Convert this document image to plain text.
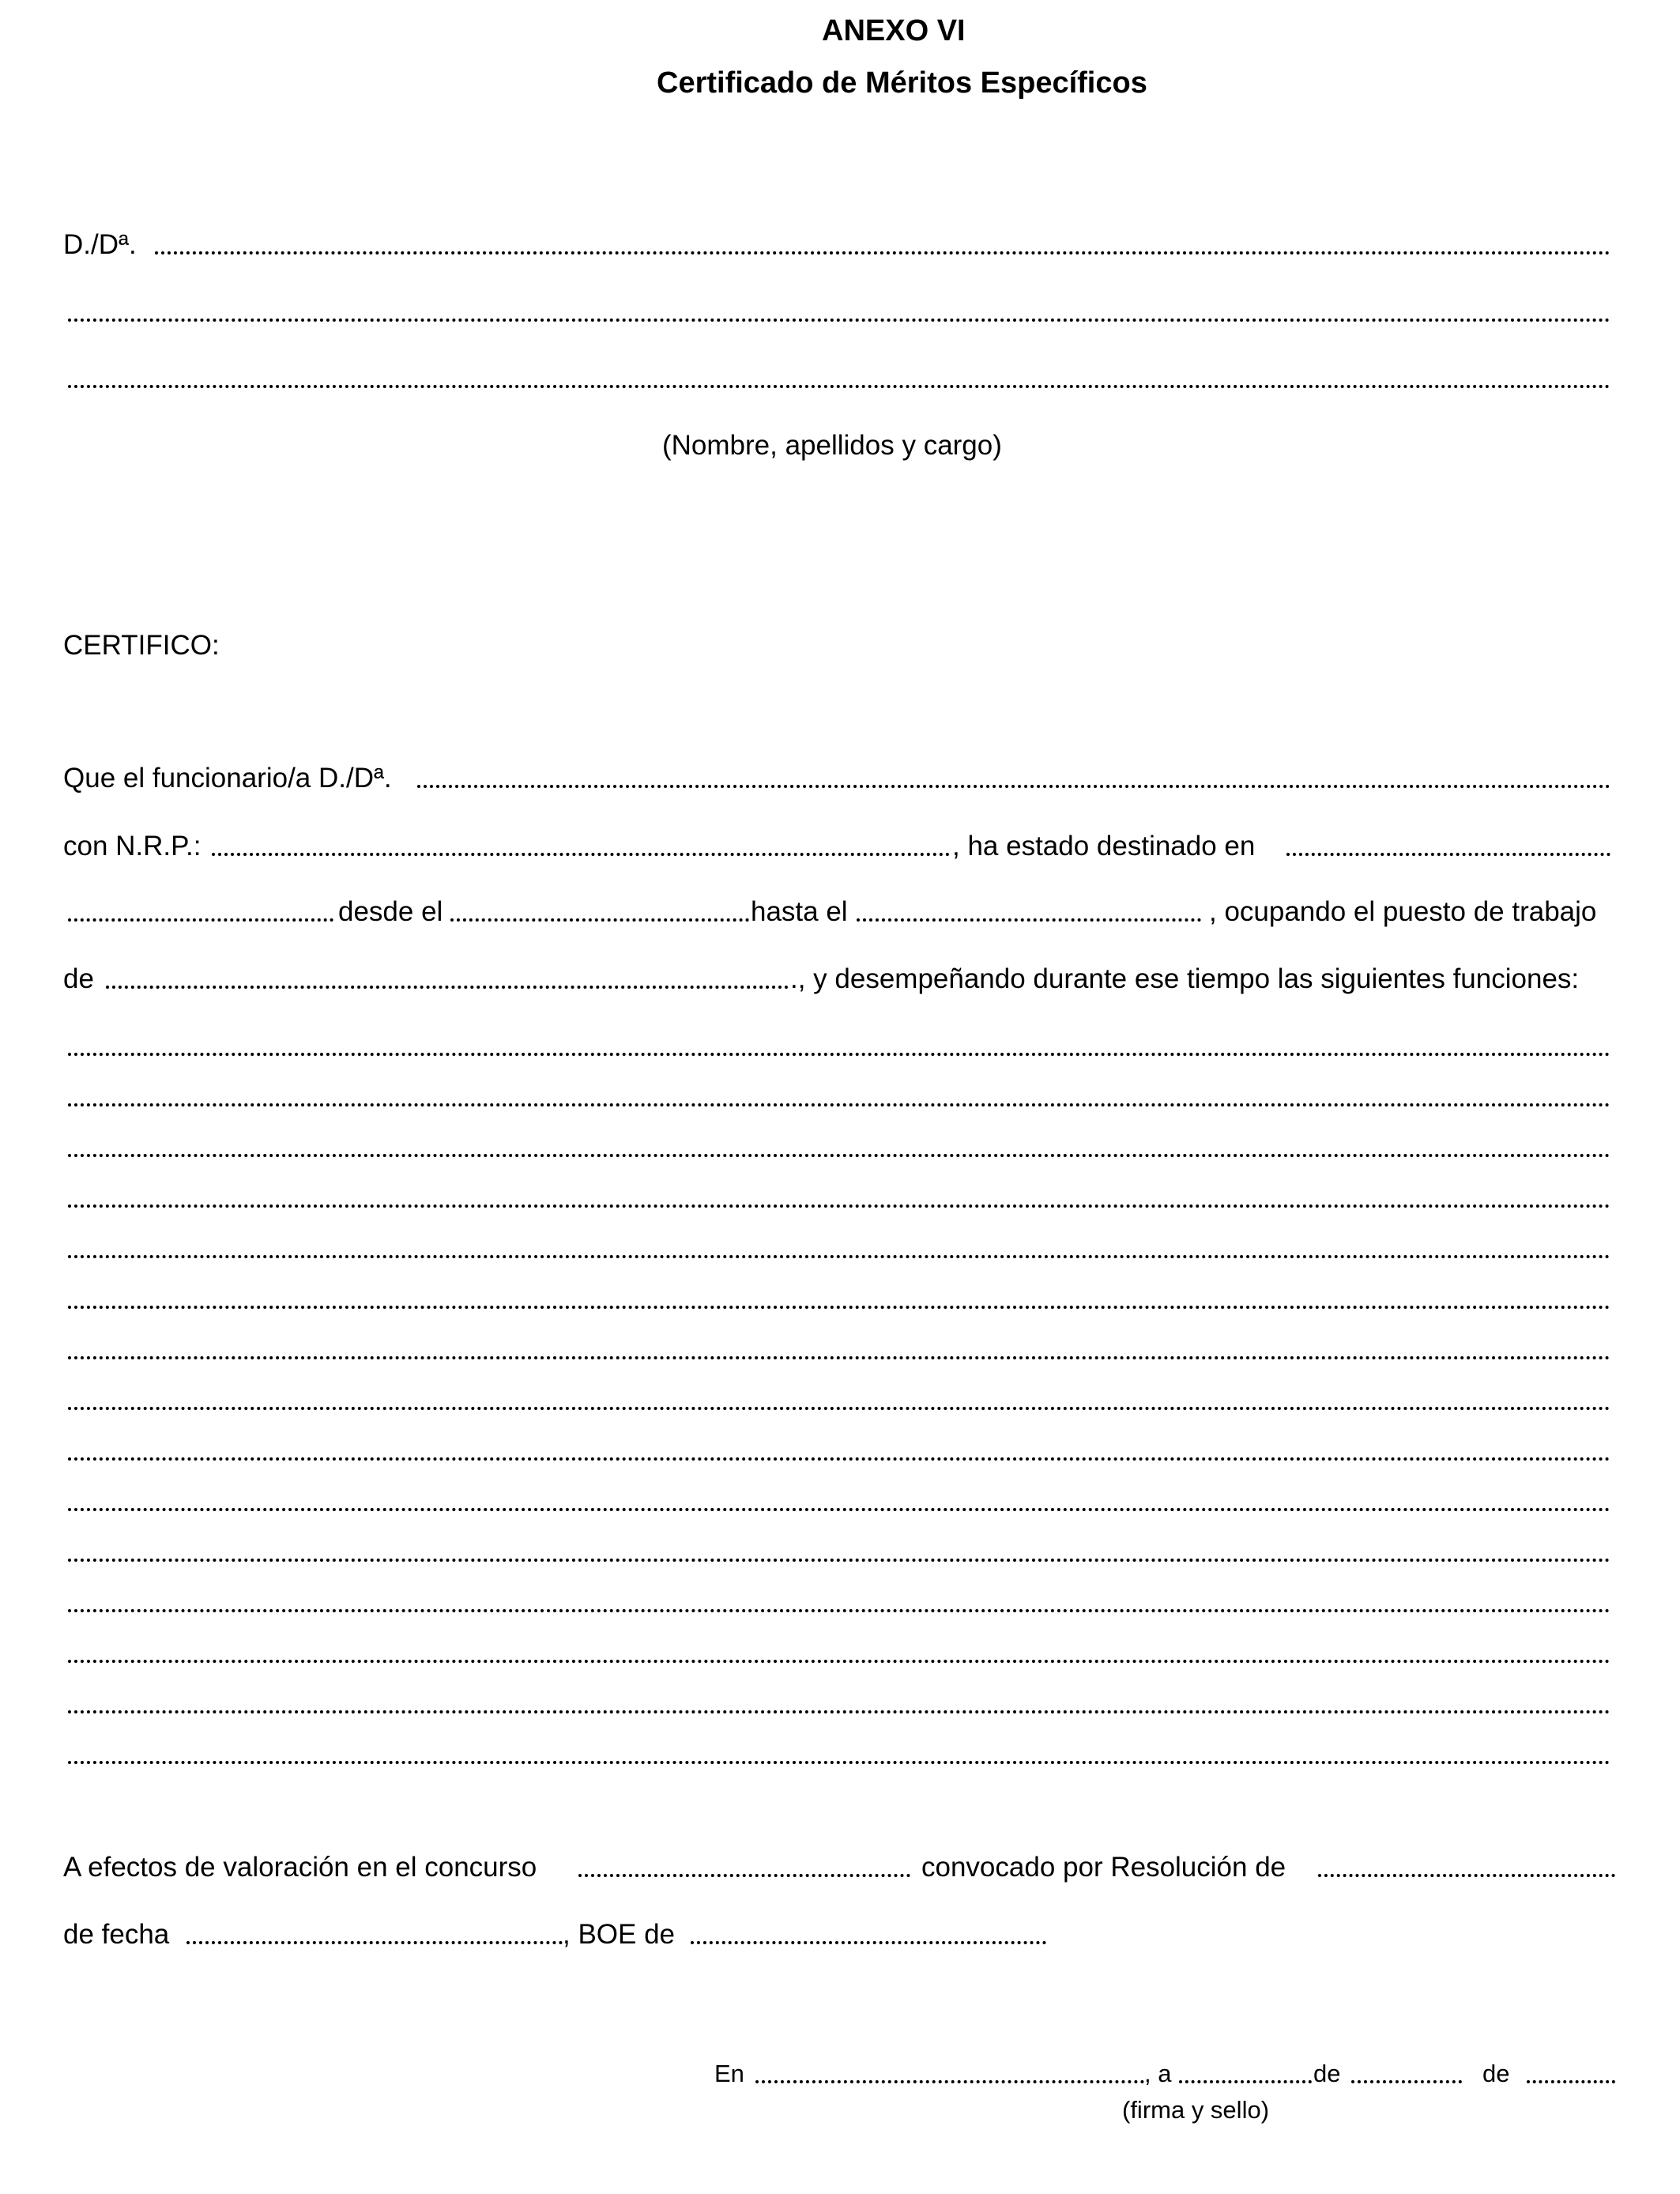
ANEXO VI
Certificado de Méritos Específicos
D./Dª.
(Nombre, apellidos y cargo)
CERTIFICO:
Que el funcionario/a D./Dª.
con N.R.P.:	, ha estado destinado en
desde el	hasta el	, ocupando el puesto de trabajo
de	., y desempeñando durante ese tiempo las siguientes funciones:
A efectos de valoración en el concurso	convocado por Resolución de
de fecha	, BOE de
En	, a	de	de
(firma y sello)
